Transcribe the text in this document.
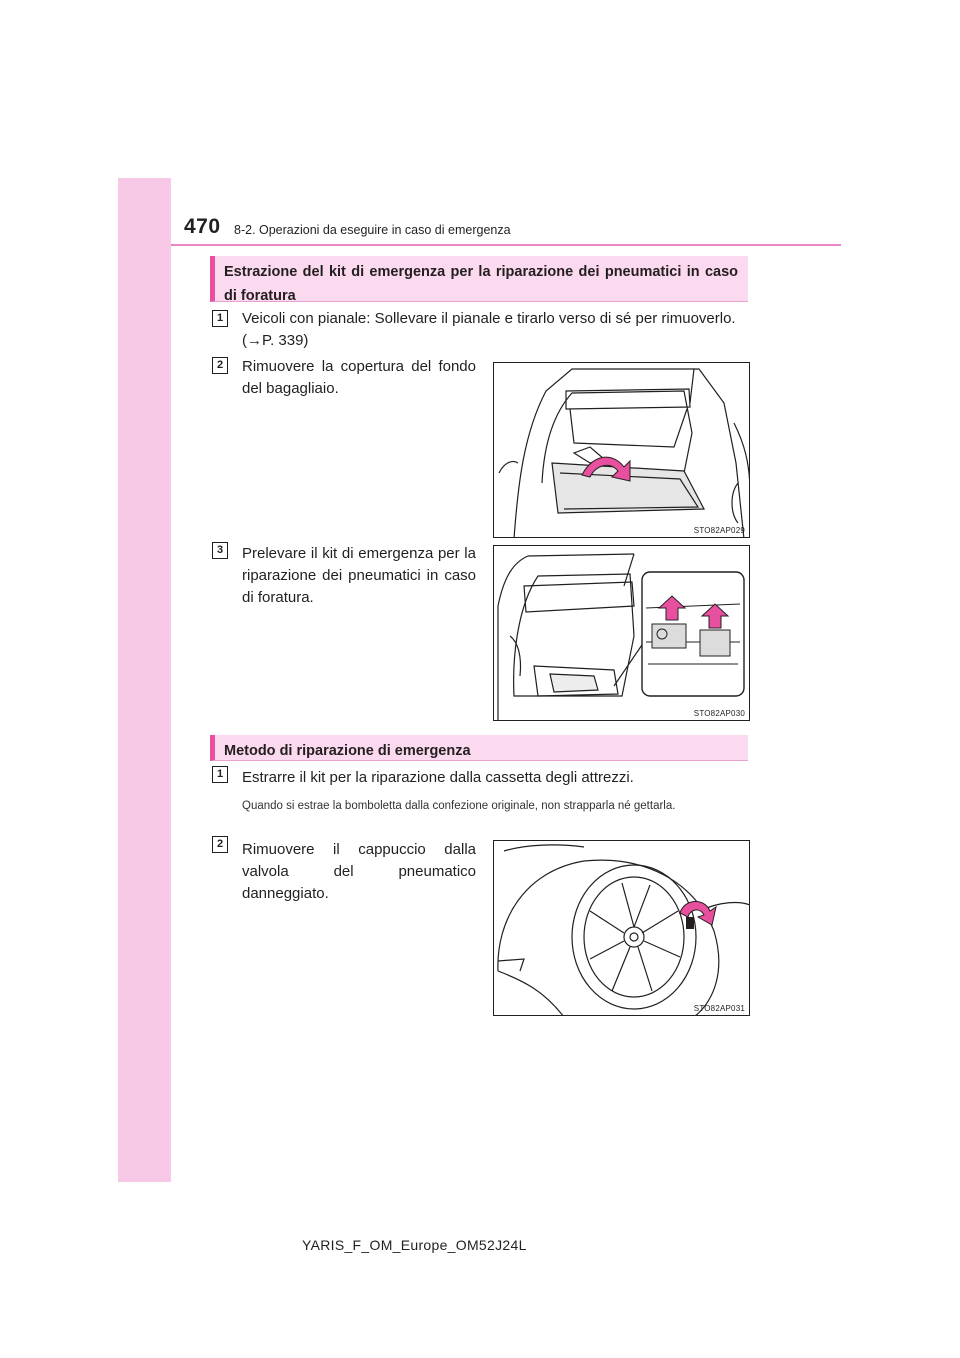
470 8-2. Operazioni da eseguire in caso di emergenza
Estrazione del kit di emergenza per la riparazione dei pneumatici in caso di foratura
1	Veicoli con pianale: Sollevare il pianale e tirarlo verso di sé per rimuoverlo.
(→P. 339)
2	Rimuovere la copertura del fondo
del bagagliaio.
STO82AP029
3	Prelevare il kit di emergenza per la
riparazione dei pneumatici in caso
di foratura.
STO82AP030
Metodo di riparazione di emergenza
1	Estrarre il kit per la riparazione dalla cassetta degli attrezzi.
Quando si estrae la bomboletta dalla confezione originale, non strapparla né gettarla.
2	Rimuovere il cappuccio dalla
valvola del pneumatico
danneggiato.
STO82AP031
YARIS_F_OM_Europe_OM52J24L
